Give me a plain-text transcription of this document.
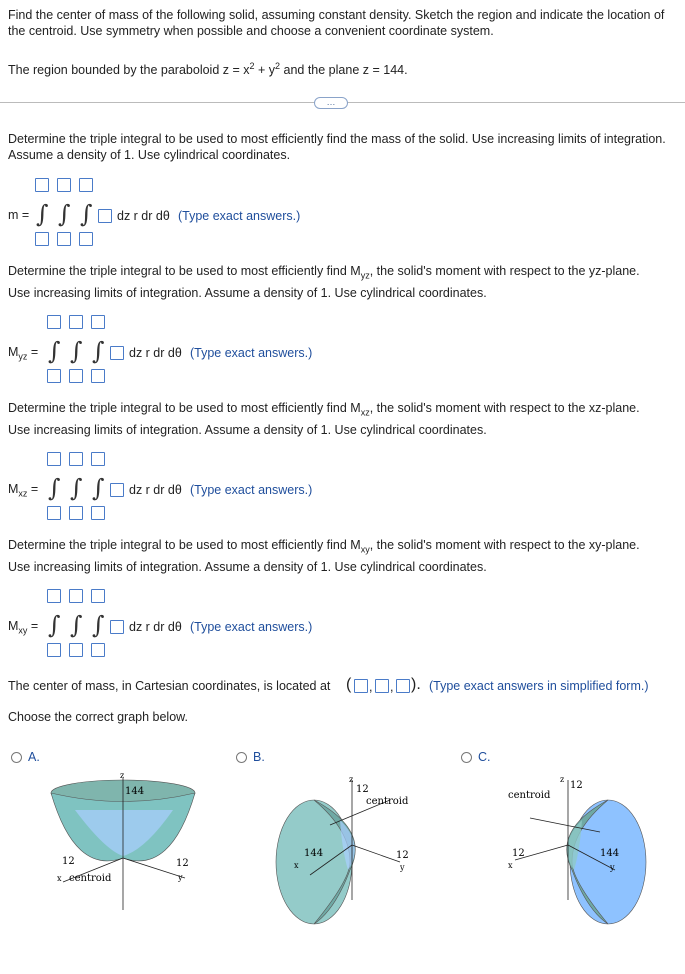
Find the center of mass of the following solid, assuming constant density. Sketch the region and indicate the location of the centroid. Use symmetry when possible and choose a convenient coordinate system.

The region bounded by the paraboloid $z = x^2 + y^2$ and the plane z = 144.

…

Determine the triple integral to be used to most efficiently find the mass of the solid. Use increasing limits of integration. Assume a density of 1. Use cylindrical coordinates.

m = ∫ ∫ ∫ dz r dr dθ (Type exact answers.)

Determine the triple integral to be used to most efficiently find $M_{yz}$, the solid's moment with respect to the yz-plane.

Use increasing limits of integration. Assume a density of 1. Use cylindrical coordinates.

$M_{yz}$ = ∫ ∫ ∫ dz r dr dθ (Type exact answers.)

Determine the triple integral to be used to most efficiently find $M_{xz}$, the solid's moment with respect to the xz-plane.

Use increasing limits of integration. Assume a density of 1. Use cylindrical coordinates.

$M_{xz}$ = ∫ ∫ ∫ dz r dr dθ (Type exact answers.)

Determine the triple integral to be used to most efficiently find $M_{xy}$, the solid's moment with respect to the xy-plane.

Use increasing limits of integration. Assume a density of 1. Use cylindrical coordinates.

$M_{xy}$ = ∫ ∫ ∫ dz r dr dθ (Type exact answers.)
The center of mass, in Cartesian coordinates, is located at ( , , ). (Type exact answers in simplified form.)
Choose the correct graph below.
A.
z
144
12
x centroid
12
y
B.
z
12
centroid
144
x
12
y
C.
z
12
centroid
12
x
144
y
